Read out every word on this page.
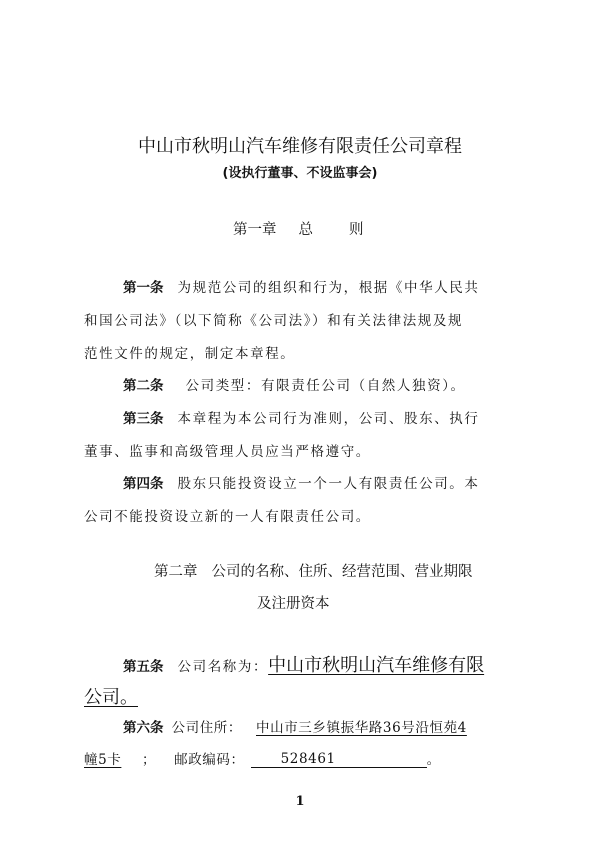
中山市秋明山汽车维修有限责任公司章程
(设执行董事、不设监事会)
第一章 总 则
第一条 为规范公司的组织和行为，根据《中华人民共
和国公司法》（以下简称《公司法》）和有关法律法规及规
范性文件的规定，制定本章程。
第二条 公司类型：有限责任公司（自然人独资）。
第三条 本章程为本公司行为准则，公司、股东、执行
董事、监事和高级管理人员应当严格遵守。
第四条 股东只能投资设立一个一人有限责任公司。本
公司不能投资设立新的一人有限责任公司。
第二章 公司的名称、住所、经营范围、营业期限
及注册资本
第五条 公司名称为：中山市秋明山汽车维修有限
公司。
第六条 公司住所： 中山市三乡镇振华路36号沿恒苑4
幢5卡 ； 邮政编码：	528461	。
1
